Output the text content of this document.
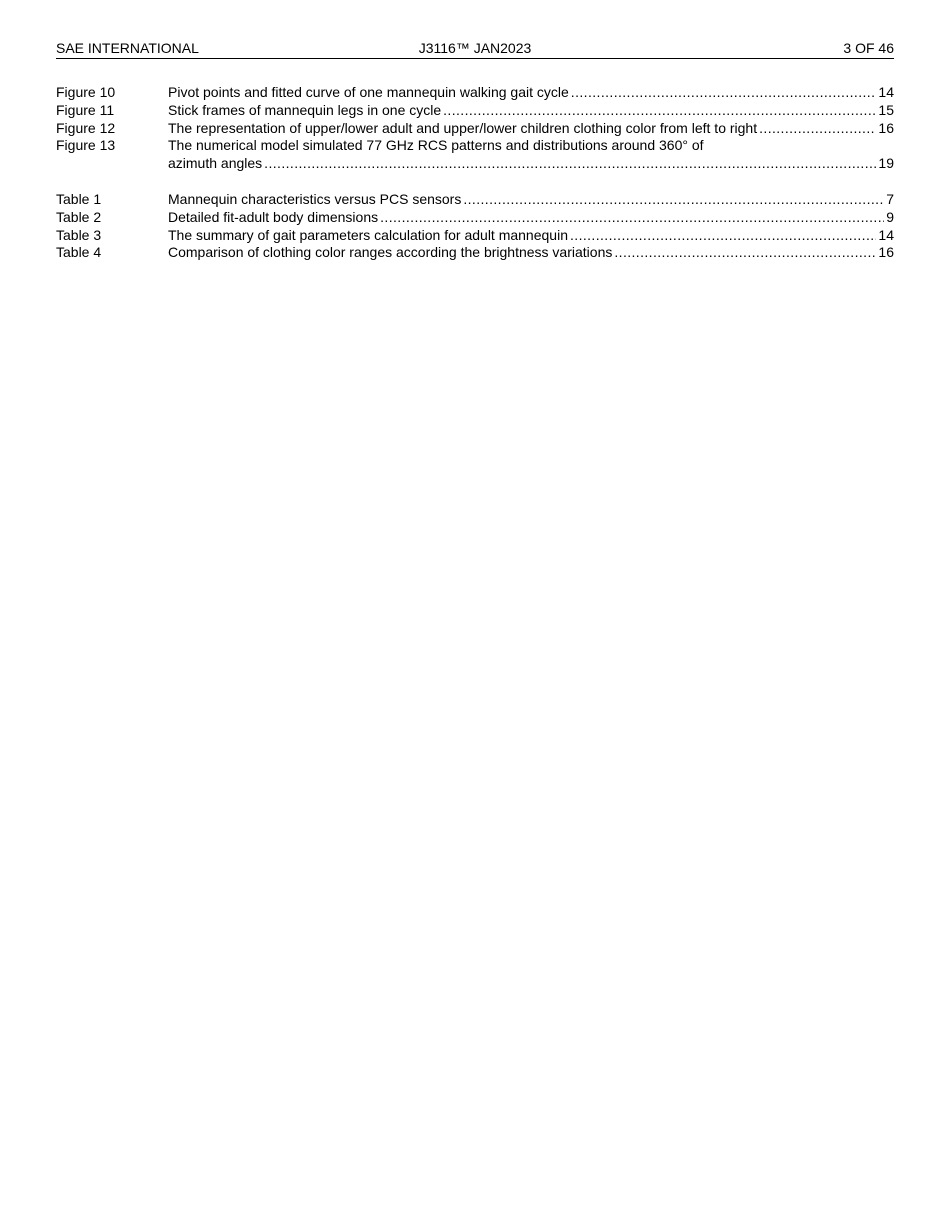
SAE INTERNATIONAL	J3116™ JAN2023	3 OF 46
Figure 10	Pivot points and fitted curve of one mannequin walking gait cycle .....	14
Figure 11	Stick frames of mannequin legs in one cycle .....	15
Figure 12	The representation of upper/lower adult and upper/lower children clothing color from left to right .....	16
Figure 13	The numerical model simulated 77 GHz RCS patterns and distributions around 360° of
azimuth angles .....	19
Table 1	Mannequin characteristics versus PCS sensors .....	7
Table 2	Detailed fit-adult body dimensions .....	9
Table 3	The summary of gait parameters calculation for adult mannequin .....	14
Table 4	Comparison of clothing color ranges according the brightness variations .....	16
